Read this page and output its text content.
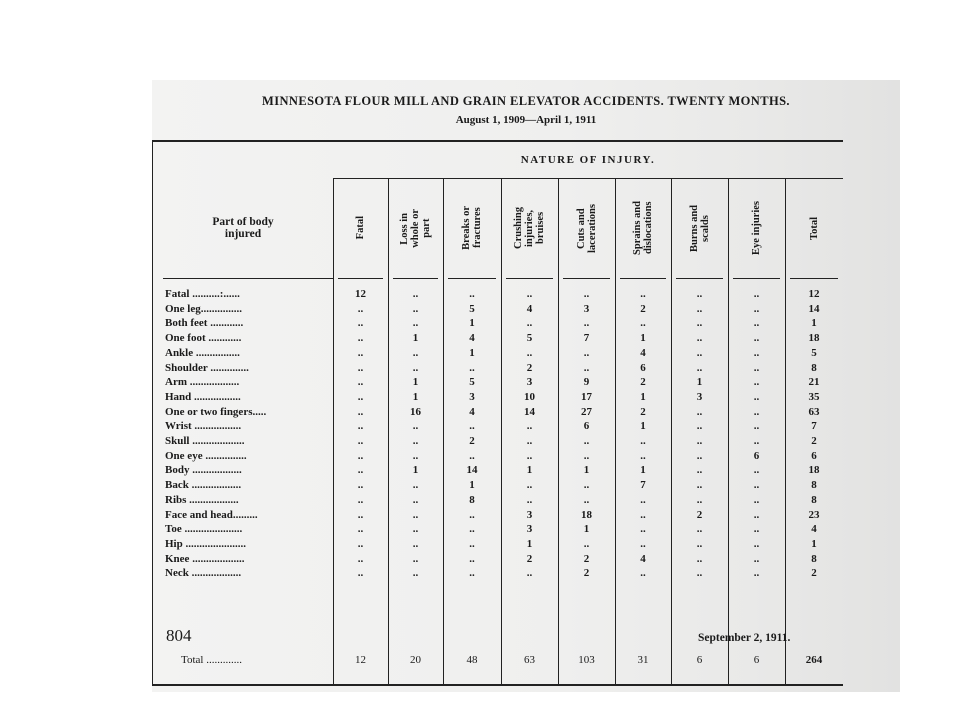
MINNESOTA FLOUR MILL AND GRAIN ELEVATOR ACCIDENTS. TWENTY MONTHS.
August 1, 1909—April 1, 1911
NATURE OF INJURY.
Part of body
injured	Fatal	Loss in
whole or
part	Breaks or
fractures	Crushing
injuries,
bruises	Cuts and
lacerations	Sprains and
dislocations	Burns and
scalds	Eye injuries	Total
Fatal ..........:......	12	..	..	..	..	..	..	..	12
One leg...............	..	..	5	4	3	2	..	..	14
Both feet ............	..	..	1	..	..	..	..	..	1
One foot ............	..	1	4	5	7	1	..	..	18
Ankle ................	..	..	1	..	..	4	..	..	5
Shoulder ..............	..	..	..	2	..	6	..	..	8
Arm ..................	..	1	5	3	9	2	1	..	21
Hand .................	..	1	3	10	17	1	3	..	35
One or two fingers.....	..	16	4	14	27	2	..	..	63
Wrist .................	..	..	..	..	6	1	..	..	7
Skull ...................	..	..	2	..	..	..	..	..	2
One eye ...............	..	..	..	..	..	..	..	6	6
Body ..................	..	1	14	1	1	1	..	..	18
Back ..................	..	..	1	..	..	7	..	..	8
Ribs ..................	..	..	8	..	..	..	..	..	8
Face and head.........	..	..	..	3	18	..	2	..	23
Toe .....................	..	..	..	3	1	..	..	..	4
Hip ......................	..	..	..	1	..	..	..	..	1
Knee ...................	..	..	..	2	2	4	..	..	8
Neck ..................	..	..	..	..	2	..	..	..	2
Total .............	12	20	48	63	103	31	6	6	264
804	September 2, 1911.
